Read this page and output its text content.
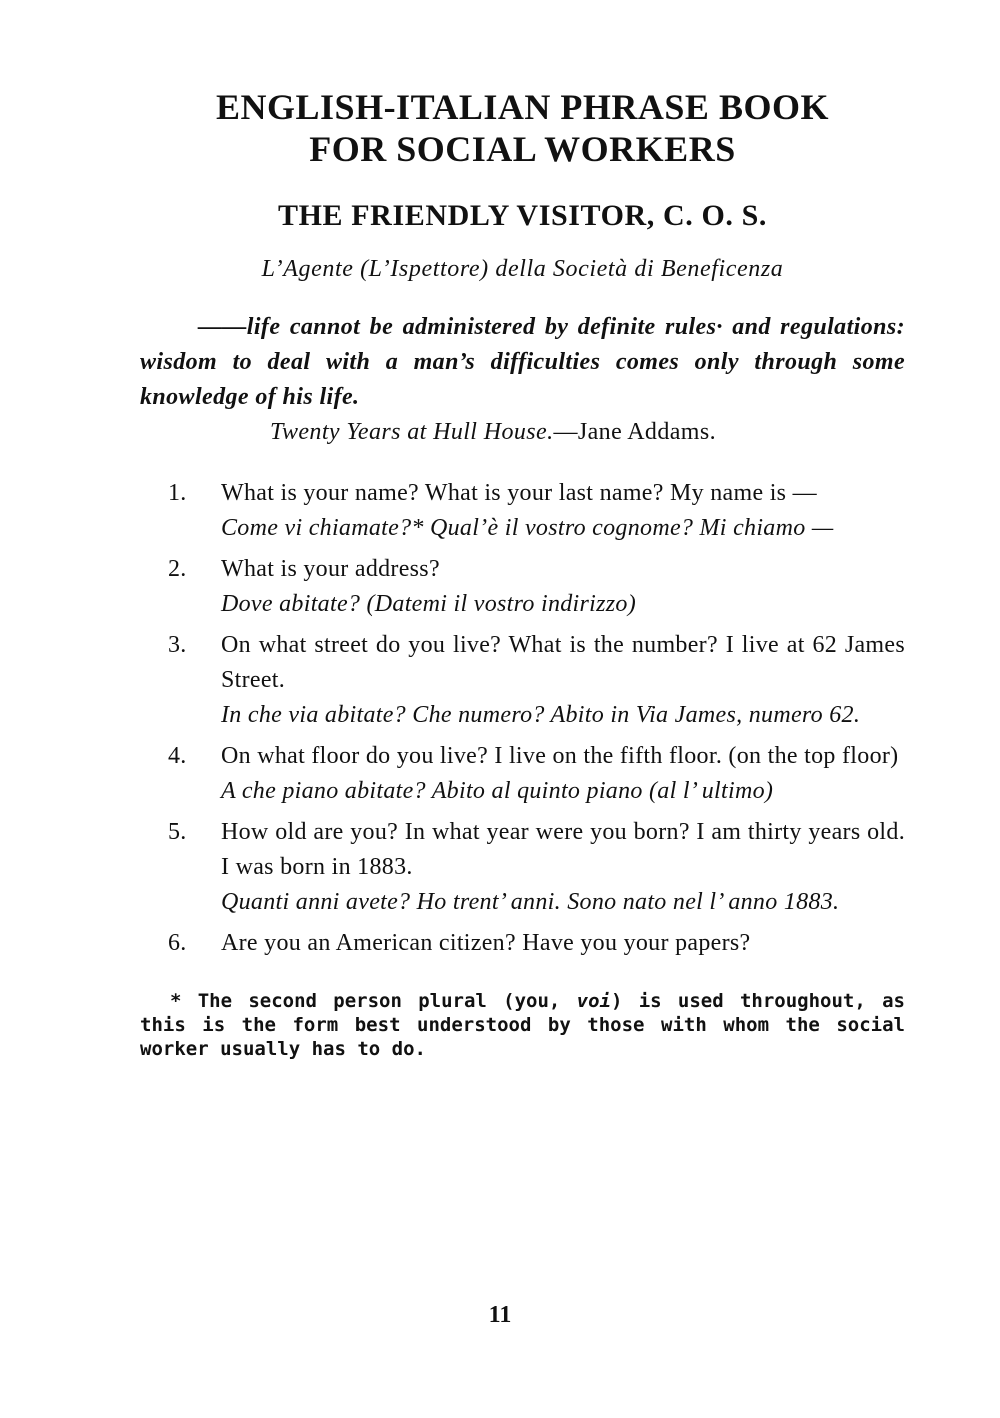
ENGLISH-ITALIAN PHRASE BOOK
FOR SOCIAL WORKERS
THE FRIENDLY VISITOR, C. O. S.

L’Agente (L’Ispettore) della Società di Beneficenza

——life cannot be administered by definite rules· and regulations: wisdom to deal with a man’s difficulties comes only through some knowledge of his life.

Twenty Years at Hull House.—Jane Addams.

1. What is your name? What is your last name? My name is —

Come vi chiamate?* Qual’è il vostro cognome? Mi chiamo —

2. What is your address?

Dove abitate? (Datemi il vostro indirizzo)

3. On what street do you live? What is the number? I live at 62 James Street.

In che via abitate? Che numero? Abito in Via James, numero 62.

4. On what floor do you live? I live on the fifth floor. (on the top floor)

A che piano abitate? Abito al quinto piano (al l’ ultimo)

5. How old are you? In what year were you born? I am thirty years old. I was born in 1883.

Quanti anni avete? Ho trent’ anni. Sono nato nel l’ anno 1883.

6. Are you an American citizen? Have you your papers?

* The second person plural (you, voi) is used throughout, as this is the form best understood by those with whom the social worker usually has to do.

11
